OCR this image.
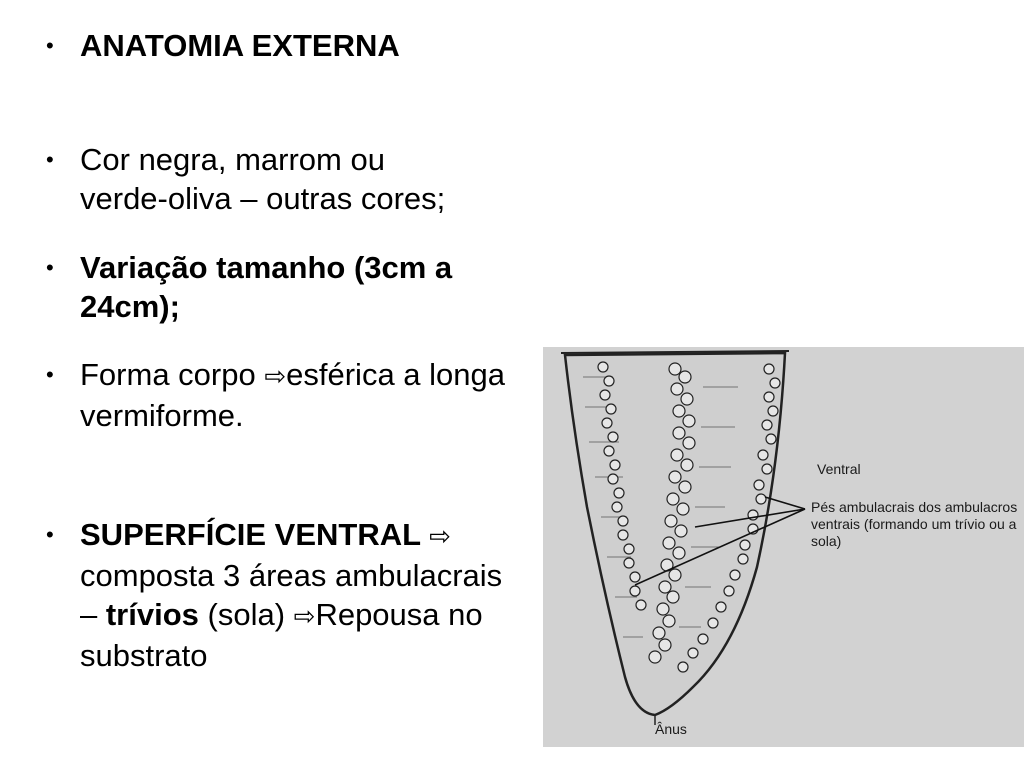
• ANATOMIA EXTERNA
• Cor negra, marrom ou
verde-oliva – outras cores;
• Variação tamanho (3cm a 24cm);
• Forma corpo ⇨esférica a longa vermiforme.
• SUPERFÍCIE VENTRAL ⇨ composta 3 áreas ambulacrais – trívios (sola) ⇨Repousa no substrato
Ventral
Pés ambulacrais dos ambulacros ventrais (formando um trívio ou a sola)
Ânus
